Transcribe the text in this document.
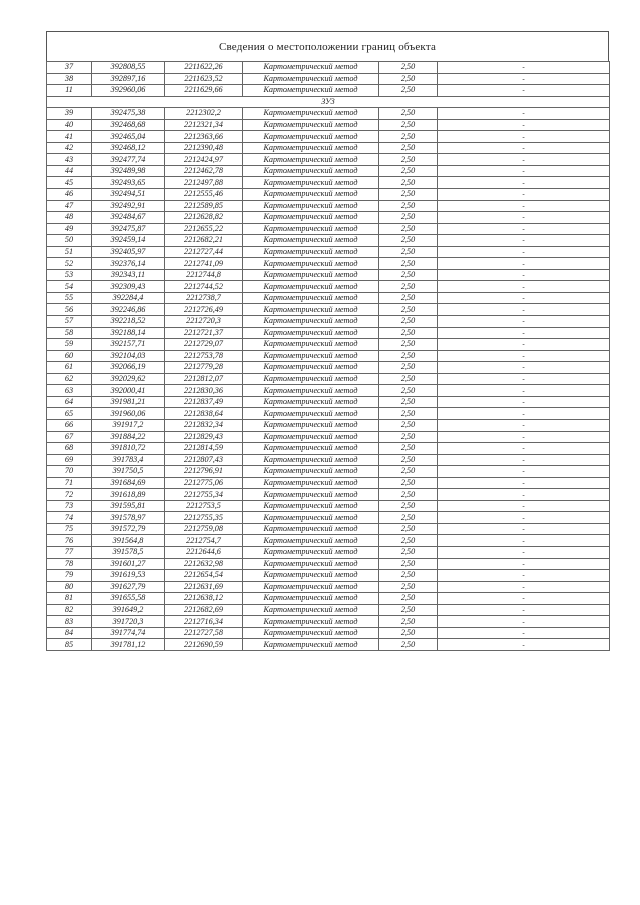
Сведения о местоположении границ объекта
37	392808,55	2211622,26	Картометрический метод	2,50	-
38	392897,16	2211623,52	Картометрический метод	2,50	-
11	392960,06	2211629,66	Картометрический метод	2,50	-
ЗУ3					
39	392475,38	2212302,2	Картометрический метод	2,50	-
40	392468,68	2212321,34	Картометрический метод	2,50	-
41	392465,04	2212363,66	Картометрический метод	2,50	-
42	392468,12	2212390,48	Картометрический метод	2,50	-
43	392477,74	2212424,97	Картометрический метод	2,50	-
44	392489,98	2212462,78	Картометрический метод	2,50	-
45	392493,65	2212497,88	Картометрический метод	2,50	-
46	392494,51	2212555,46	Картометрический метод	2,50	-
47	392492,91	2212589,85	Картометрический метод	2,50	-
48	392484,67	2212628,82	Картометрический метод	2,50	-
49	392475,87	2212655,22	Картометрический метод	2,50	-
50	392459,14	2212682,21	Картометрический метод	2,50	-
51	392405,97	2212727,44	Картометрический метод	2,50	-
52	392376,14	2212741,09	Картометрический метод	2,50	-
53	392343,11	2212744,8	Картометрический метод	2,50	-
54	392309,43	2212744,52	Картометрический метод	2,50	-
55	392284,4	2212738,7	Картометрический метод	2,50	-
56	392246,86	2212726,49	Картометрический метод	2,50	-
57	392218,52	2212720,3	Картометрический метод	2,50	-
58	392188,14	2212721,37	Картометрический метод	2,50	-
59	392157,71	2212729,07	Картометрический метод	2,50	-
60	392104,03	2212753,78	Картометрический метод	2,50	-
61	392066,19	2212779,28	Картометрический метод	2,50	-
62	392029,62	2212812,07	Картометрический метод	2,50	-
63	392000,41	2212830,36	Картометрический метод	2,50	-
64	391981,21	2212837,49	Картометрический метод	2,50	-
65	391960,06	2212838,64	Картометрический метод	2,50	-
66	391917,2	2212832,34	Картометрический метод	2,50	-
67	391884,22	2212829,43	Картометрический метод	2,50	-
68	391810,72	2212814,59	Картометрический метод	2,50	-
69	391783,4	2212807,43	Картометрический метод	2,50	-
70	391750,5	2212796,91	Картометрический метод	2,50	-
71	391684,69	2212775,06	Картометрический метод	2,50	-
72	391618,89	2212755,34	Картометрический метод	2,50	-
73	391595,81	2212753,5	Картометрический метод	2,50	-
74	391578,97	2212755,35	Картометрический метод	2,50	-
75	391572,79	2212759,08	Картометрический метод	2,50	-
76	391564,8	2212754,7	Картометрический метод	2,50	-
77	391578,5	2212644,6	Картометрический метод	2,50	-
78	391601,27	2212632,98	Картометрический метод	2,50	-
79	391619,53	2212654,54	Картометрический метод	2,50	-
80	391627,79	2212631,69	Картометрический метод	2,50	-
81	391655,58	2212638,12	Картометрический метод	2,50	-
82	391649,2	2212682,69	Картометрический метод	2,50	-
83	391720,3	2212716,34	Картометрический метод	2,50	-
84	391774,74	2212727,58	Картометрический метод	2,50	-
85	391781,12	2212690,59	Картометрический метод	2,50	-
